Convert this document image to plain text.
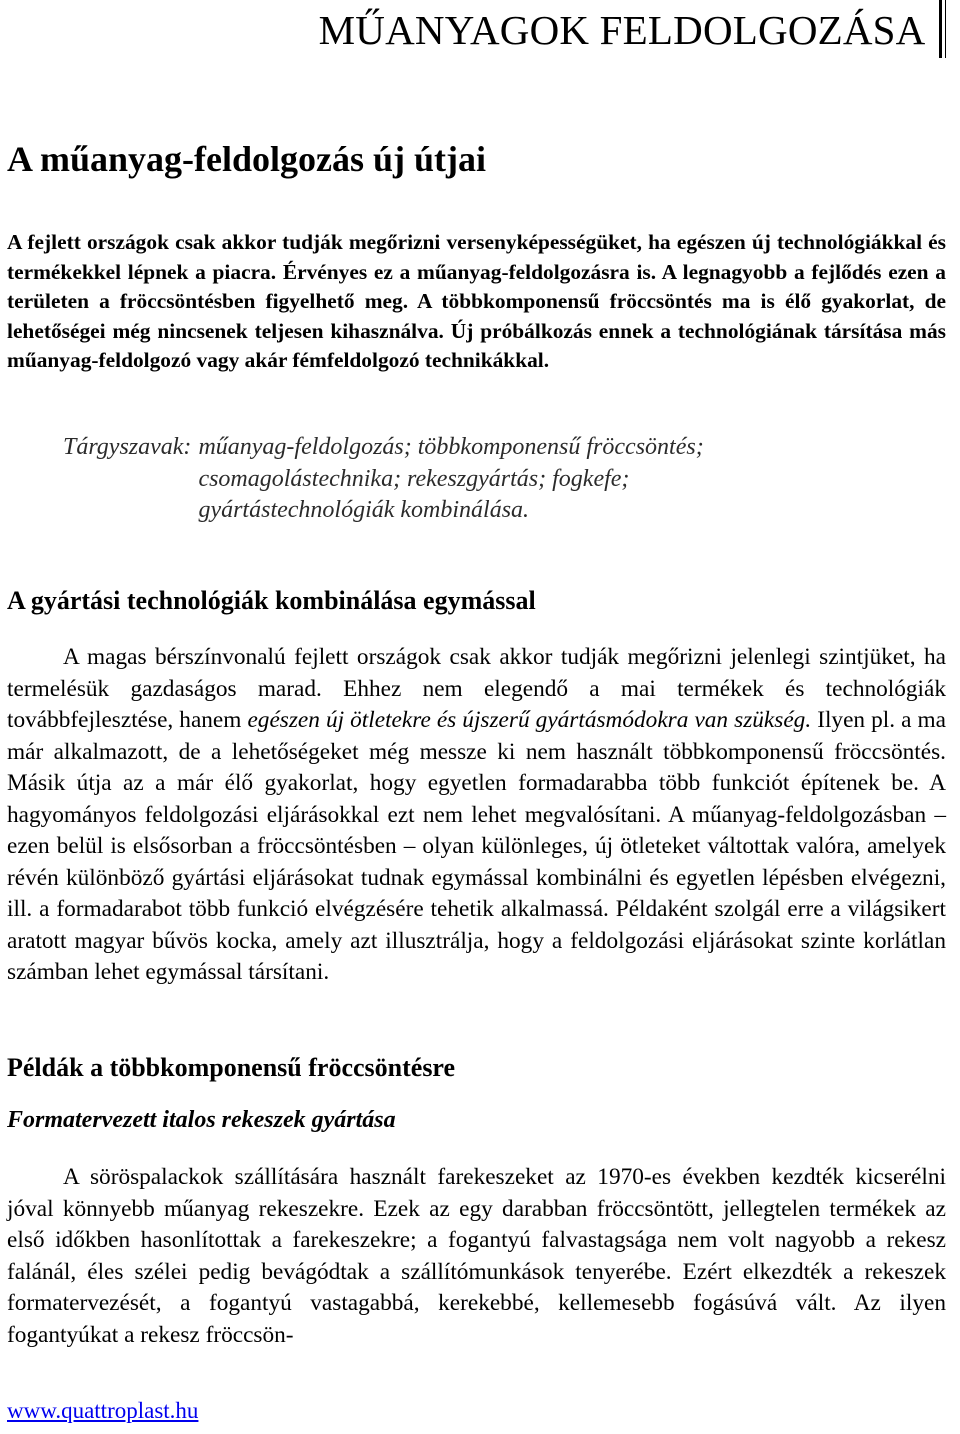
MŰANYAGOK FELDOLGOZÁSA
A műanyag-feldolgozás új útjai

A fejlett országok csak akkor tudják megőrizni versenyképességüket, ha egészen új technológiákkal és termékekkel lépnek a piacra. Érvényes ez a műanyag-feldolgozásra is. A legnagyobb a fejlődés ezen a területen a fröccsöntésben figyelhető meg. A többkomponensű fröccsöntés ma is élő gyakorlat, de lehetőségei még nincsenek teljesen kihasználva. Új próbálkozás ennek a technológiának társítása más műanyag-feldolgozó vagy akár fémfeldolgozó technikákkal.

Tárgyszavak: műanyag-feldolgozás; többkomponensű fröccsöntés; csomagolástechnika; rekeszgyártás; fogkefe; gyártástechnológiák kombinálása.
A gyártási technológiák kombinálása egymással

A magas bérszínvonalú fejlett országok csak akkor tudják megőrizni jelenlegi szintjüket, ha termelésük gazdaságos marad. Ehhez nem elegendő a mai termékek és technológiák továbbfejlesztése, hanem egészen új ötletekre és újszerű gyártásmódokra van szükség. Ilyen pl. a ma már alkalmazott, de a lehetőségeket még messze ki nem használt többkomponensű fröccsöntés. Másik útja az a már élő gyakorlat, hogy egyetlen formadarabba több funkciót építenek be. A hagyományos feldolgozási eljárásokkal ezt nem lehet megvalósítani. A műanyag-feldolgozásban – ezen belül is elsősorban a fröccsöntésben – olyan különleges, új ötleteket váltottak valóra, amelyek révén különböző gyártási eljárásokat tudnak egymással kombinálni és egyetlen lépésben elvégezni, ill. a formadarabot több funkció elvégzésére tehetik alkalmassá. Példaként szolgál erre a világsikert aratott magyar bűvös kocka, amely azt illusztrálja, hogy a feldolgozási eljárásokat szinte korlátlan számban lehet egymással társítani.

Példák a többkomponensű fröccsöntésre
Formatervezett italos rekeszek gyártása

A söröspalackok szállítására használt farekeszeket az 1970-es években kezdték kicserélni jóval könnyebb műanyag rekeszekre. Ezek az egy darabban fröccsöntött, jellegtelen termékek az első időkben hasonlítottak a farekeszekre; a fogantyú falvastagsága nem volt nagyobb a rekesz falánál, éles szélei pedig bevágódtak a szállítómunkások tenyerébe. Ezért elkezdték a rekeszek formatervezését, a fogantyú vastagabbá, kerekebbé, kellemesebb fogásúvá vált. Az ilyen fogantyúkat a rekesz fröccsön-

www.quattroplast.hu
